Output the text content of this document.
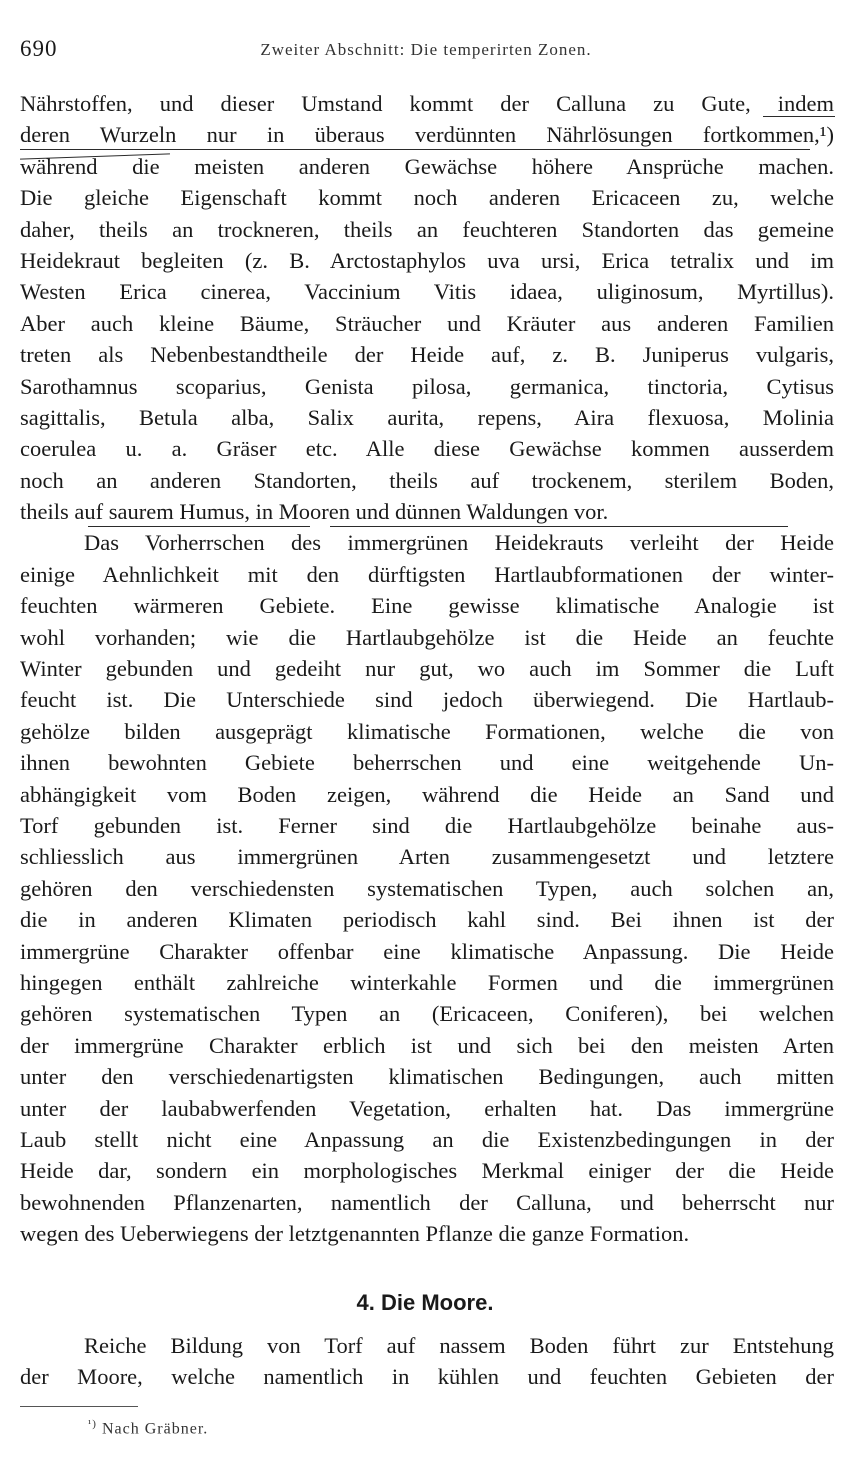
690	Zweiter Abschnitt: Die temperirten Zonen.
Nährstoffen, und dieser Umstand kommt der Calluna zu Gute, indem
deren Wurzeln nur in überaus verdünnten Nährlösungen fortkommen,¹)
während die meisten anderen Gewächse höhere Ansprüche machen.
Die gleiche Eigenschaft kommt noch anderen Ericaceen zu, welche
daher, theils an trockneren, theils an feuchteren Standorten das gemeine
Heidekraut begleiten (z. B. Arctostaphylos uva ursi, Erica tetralix und im
Westen Erica cinerea, Vaccinium Vitis idaea, uliginosum, Myrtillus).
Aber auch kleine Bäume, Sträucher und Kräuter aus anderen Familien
treten als Nebenbestandtheile der Heide auf, z. B. Juniperus vulgaris,
Sarothamnus scoparius, Genista pilosa, germanica, tinctoria, Cytisus
sagittalis, Betula alba, Salix aurita, repens, Aira flexuosa, Molinia
coerulea u. a. Gräser etc. Alle diese Gewächse kommen ausserdem
noch an anderen Standorten, theils auf trockenem, sterilem Boden,
theils auf saurem Humus, in Mooren und dünnen Waldungen vor.
Das Vorherrschen des immergrünen Heidekrauts verleiht der Heide
einige Aehnlichkeit mit den dürftigsten Hartlaubformationen der winter-
feuchten wärmeren Gebiete. Eine gewisse klimatische Analogie ist
wohl vorhanden; wie die Hartlaubgehölze ist die Heide an feuchte
Winter gebunden und gedeiht nur gut, wo auch im Sommer die Luft
feucht ist. Die Unterschiede sind jedoch überwiegend. Die Hartlaub-
gehölze bilden ausgeprägt klimatische Formationen, welche die von
ihnen bewohnten Gebiete beherrschen und eine weitgehende Un-
abhängigkeit vom Boden zeigen, während die Heide an Sand und
Torf gebunden ist. Ferner sind die Hartlaubgehölze beinahe aus-
schliesslich aus immergrünen Arten zusammengesetzt und letztere
gehören den verschiedensten systematischen Typen, auch solchen an,
die in anderen Klimaten periodisch kahl sind. Bei ihnen ist der
immergrüne Charakter offenbar eine klimatische Anpassung. Die Heide
hingegen enthält zahlreiche winterkahle Formen und die immergrünen
gehören systematischen Typen an (Ericaceen, Coniferen), bei welchen
der immergrüne Charakter erblich ist und sich bei den meisten Arten
unter den verschiedenartigsten klimatischen Bedingungen, auch mitten
unter der laubabwerfenden Vegetation, erhalten hat. Das immergrüne
Laub stellt nicht eine Anpassung an die Existenzbedingungen in der
Heide dar, sondern ein morphologisches Merkmal einiger der die Heide
bewohnenden Pflanzenarten, namentlich der Calluna, und beherrscht nur
wegen des Ueberwiegens der letztgenannten Pflanze die ganze Formation.
4. Die Moore.
Reiche Bildung von Torf auf nassem Boden führt zur Entstehung
der Moore, welche namentlich in kühlen und feuchten Gebieten der
$^{^1)}$ Nach Gräbner.
